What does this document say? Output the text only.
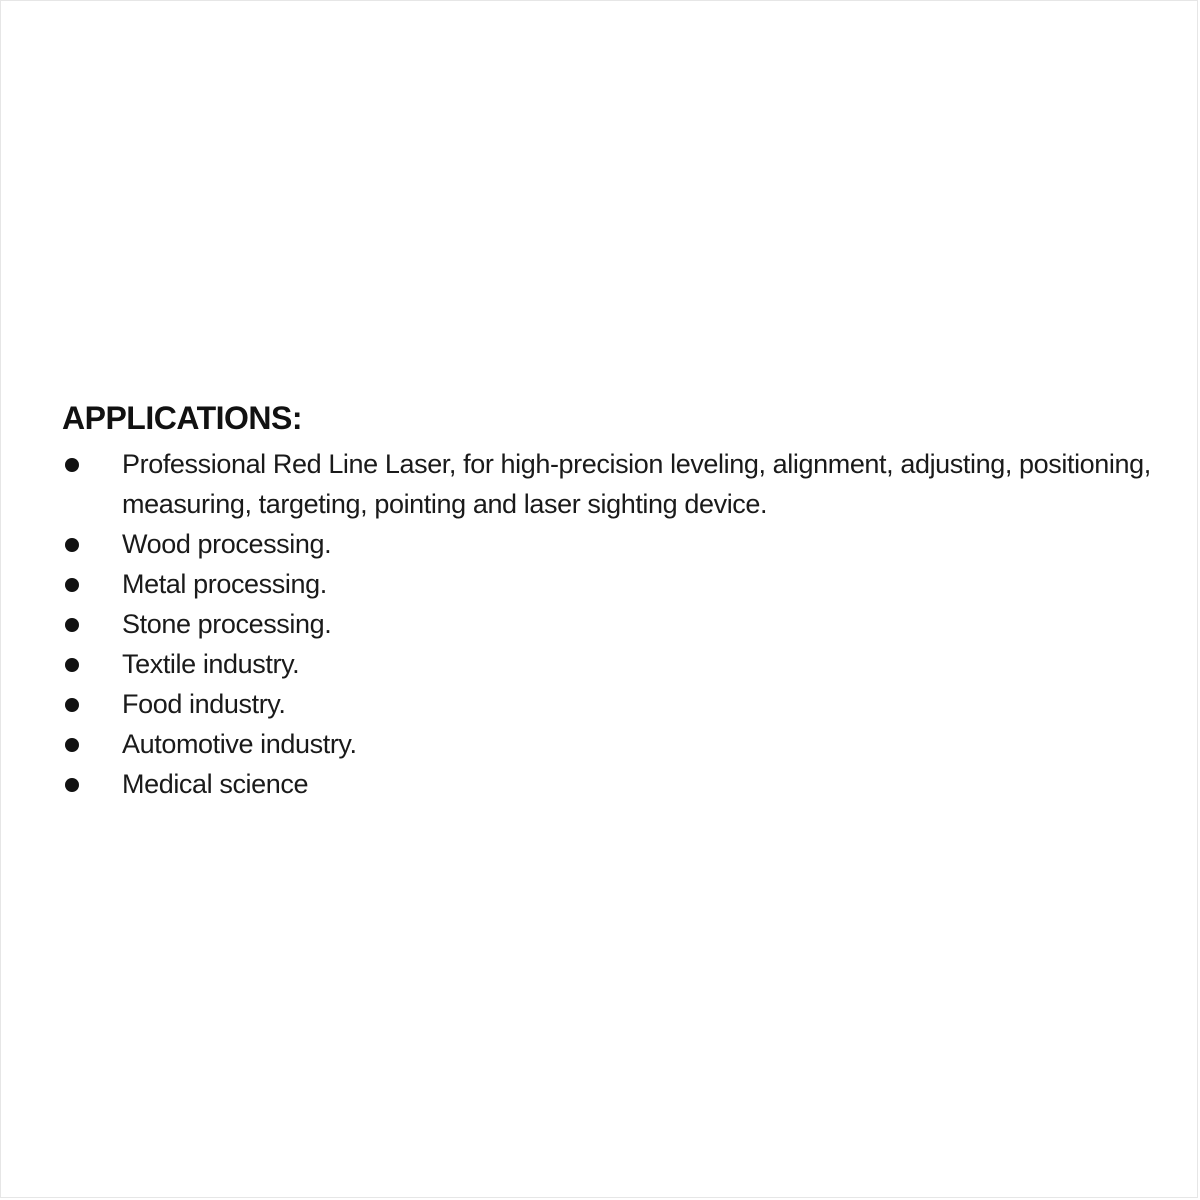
APPLICATIONS:
Professional Red Line Laser, for high-precision leveling, alignment, adjusting, positioning, measuring, targeting, pointing and laser sighting device.
Wood processing.
Metal processing.
Stone processing.
Textile industry.
Food industry.
Automotive industry.
Medical science
